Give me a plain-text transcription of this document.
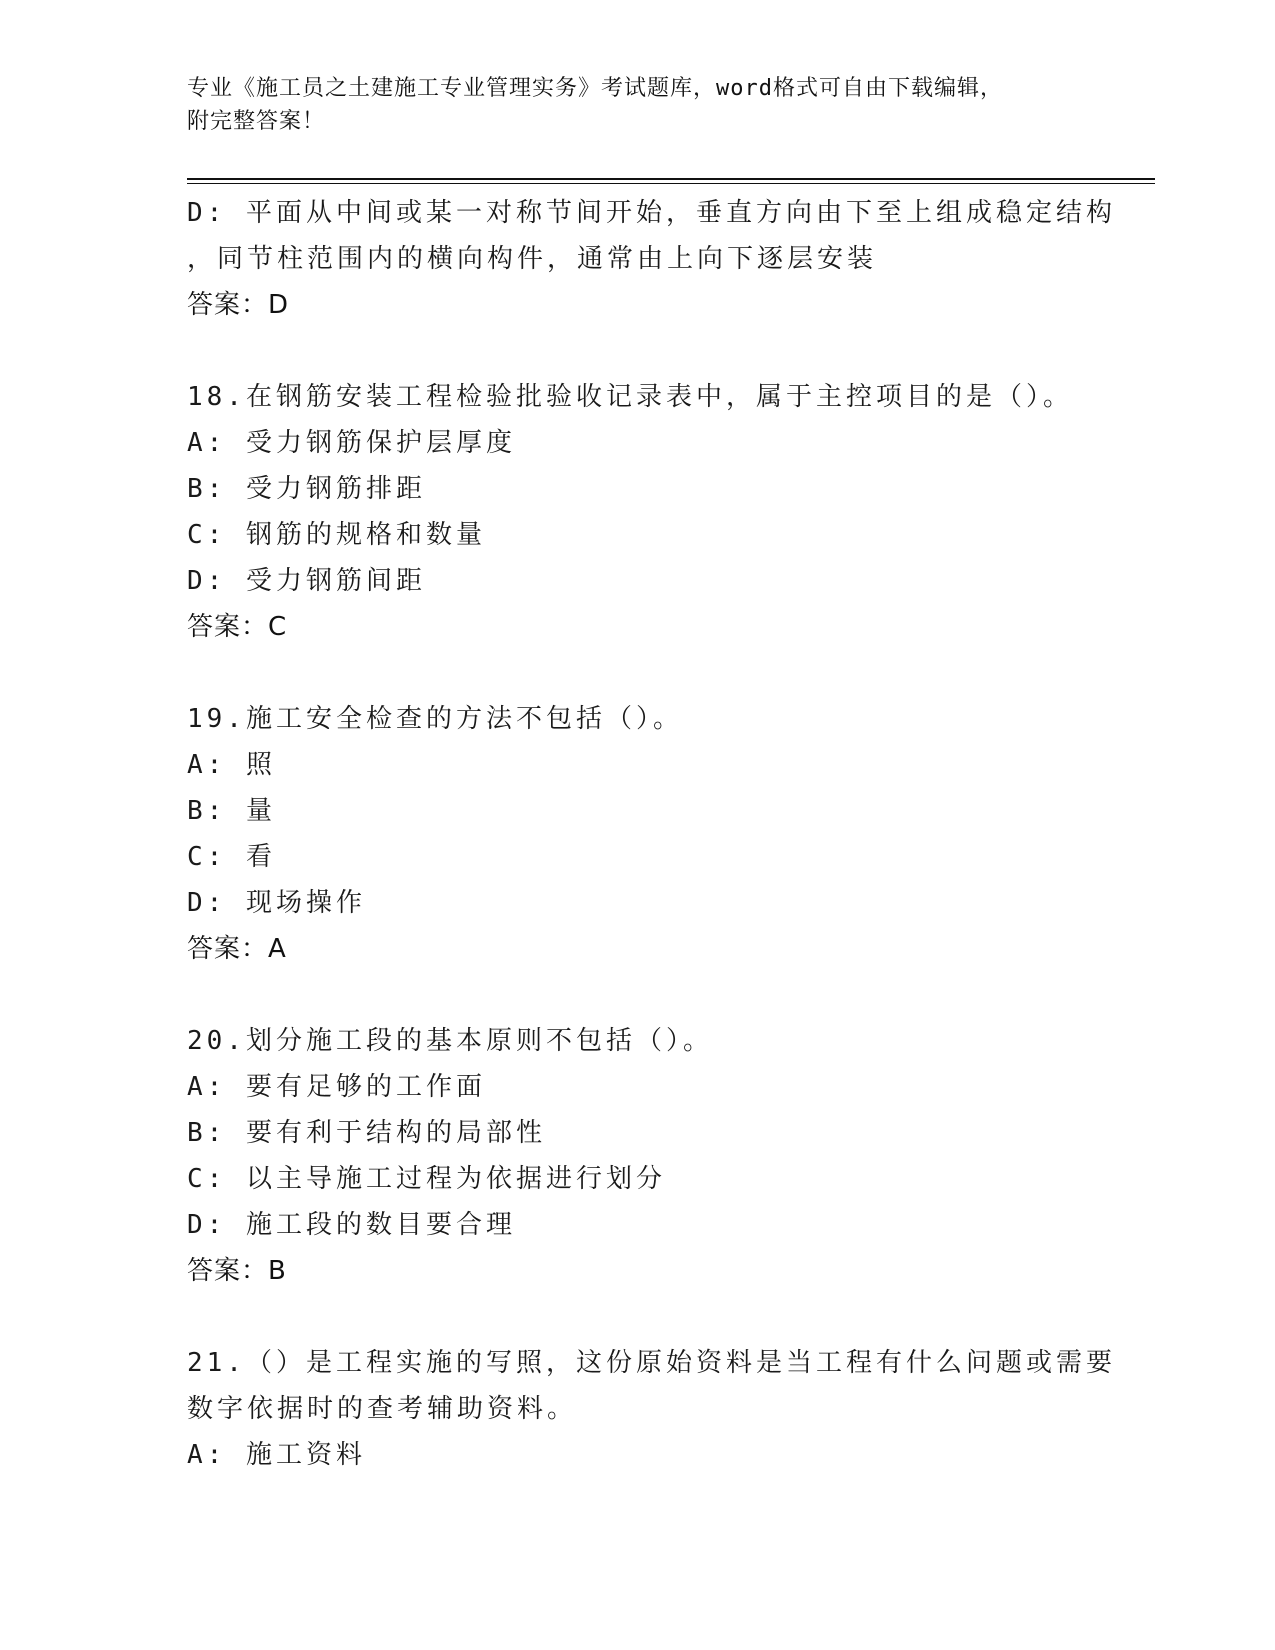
专业《施工员之土建施工专业管理实务》考试题库，word格式可自由下载编辑，
附完整答案！
D: 平面从中间或某一对称节间开始，垂直方向由下至上组成稳定结构
，同节柱范围内的横向构件，通常由上向下逐层安装
答案：D
18.在钢筋安装工程检验批验收记录表中，属于主控项目的是（）。
A: 受力钢筋保护层厚度
B: 受力钢筋排距
C: 钢筋的规格和数量
D: 受力钢筋间距
答案：C
19.施工安全检查的方法不包括（）。
A: 照
B: 量
C: 看
D: 现场操作
答案：A
20.划分施工段的基本原则不包括（）。
A: 要有足够的工作面
B: 要有利于结构的局部性
C: 以主导施工过程为依据进行划分
D: 施工段的数目要合理
答案：B
21.（）是工程实施的写照，这份原始资料是当工程有什么问题或需要
数字依据时的查考辅助资料。
A: 施工资料
